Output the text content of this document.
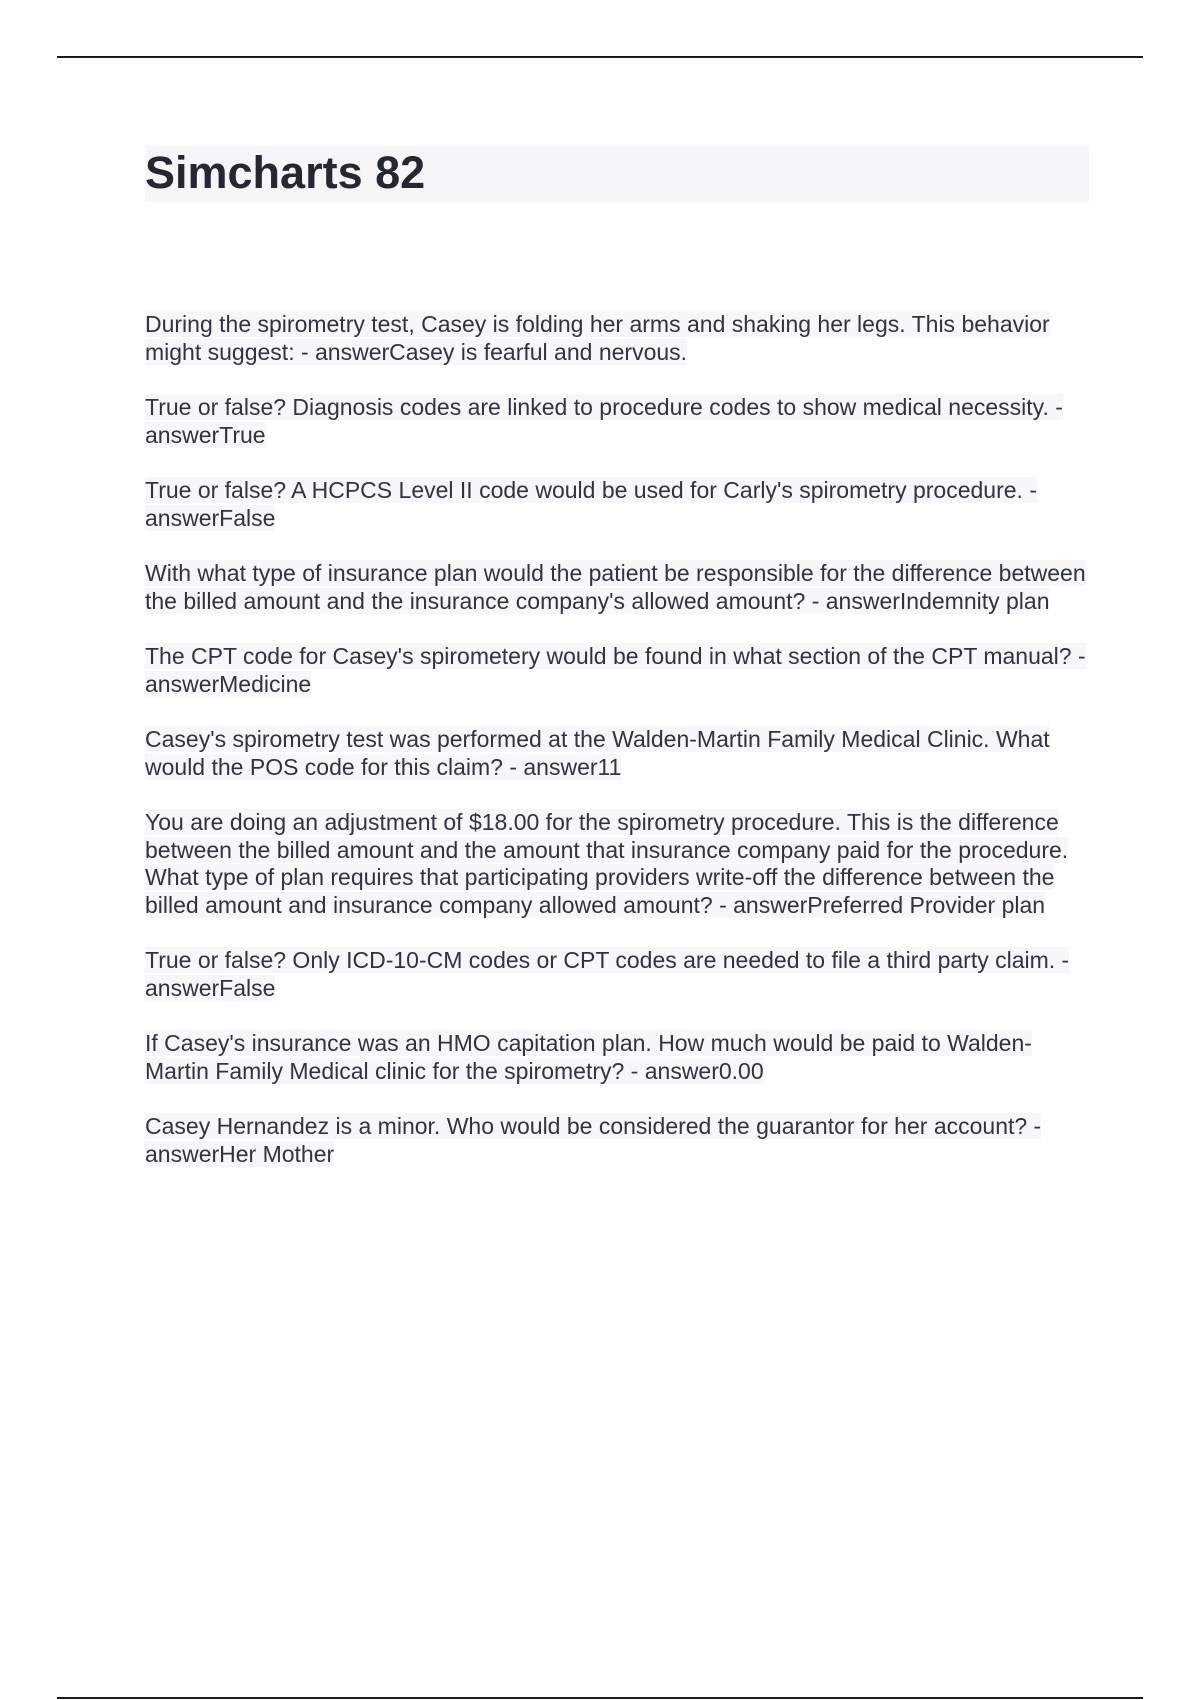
Simcharts 82
During the spirometry test, Casey is folding her arms and shaking her legs. This behavior might suggest: - answerCasey is fearful and nervous.
True or false? Diagnosis codes are linked to procedure codes to show medical necessity. - answerTrue
True or false? A HCPCS Level II code would be used for Carly's spirometry procedure. - answerFalse
With what type of insurance plan would the patient be responsible for the difference between the billed amount and the insurance company's allowed amount? - answerIndemnity plan
The CPT code for Casey's spirometery would be found in what section of the CPT manual? - answerMedicine
Casey's spirometry test was performed at the Walden-Martin Family Medical Clinic. What would the POS code for this claim? - answer11
You are doing an adjustment of $18.00 for the spirometry procedure. This is the difference between the billed amount and the amount that insurance company paid for the procedure. What type of plan requires that participating providers write-off the difference between the billed amount and insurance company allowed amount? - answerPreferred Provider plan
True or false? Only ICD-10-CM codes or CPT codes are needed to file a third party claim. - answerFalse
If Casey's insurance was an HMO capitation plan. How much would be paid to Walden-Martin Family Medical clinic for the spirometry? - answer0.00
Casey Hernandez is a minor. Who would be considered the guarantor for her account? - answerHer Mother
